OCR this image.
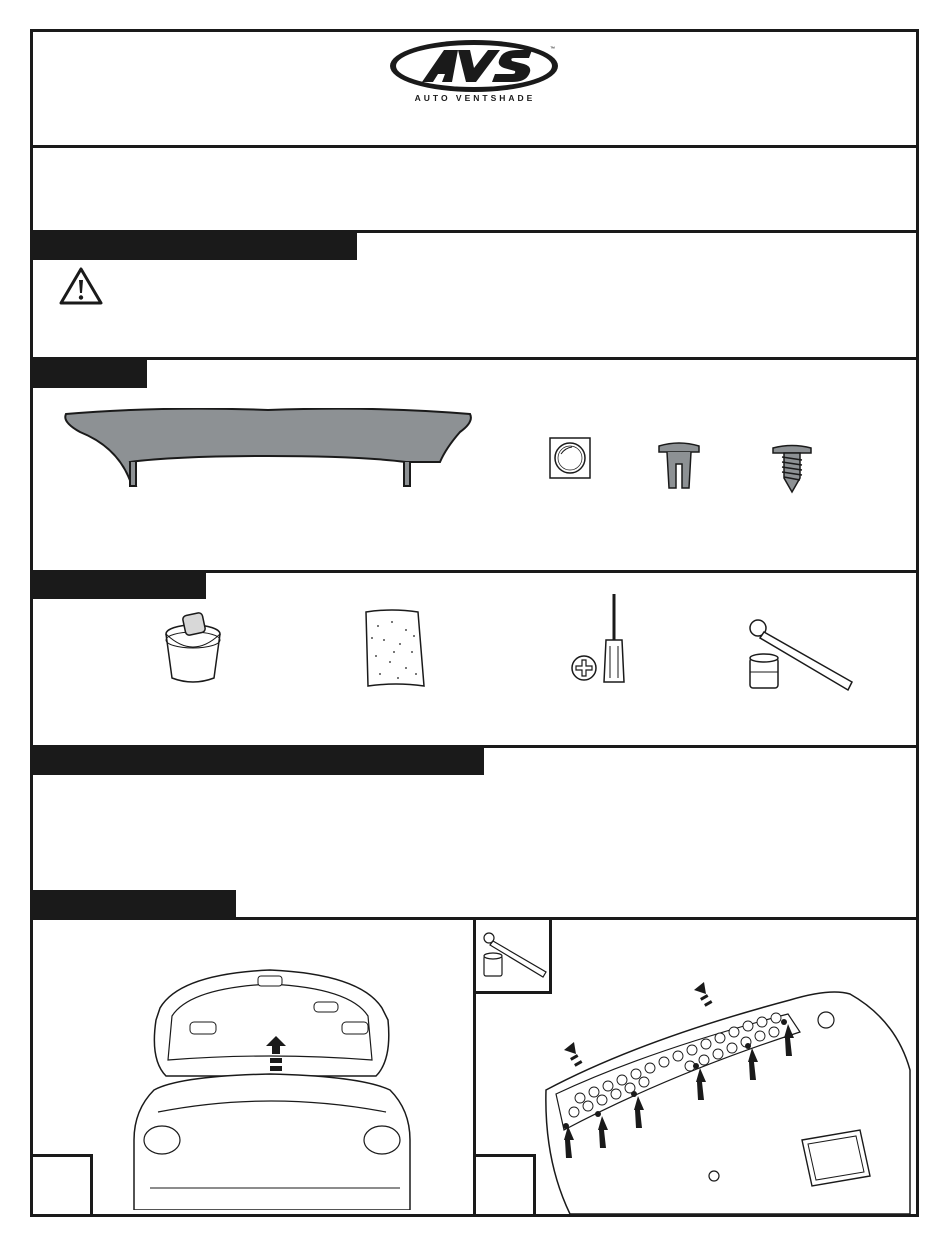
™
AUTO VENTSHADE
